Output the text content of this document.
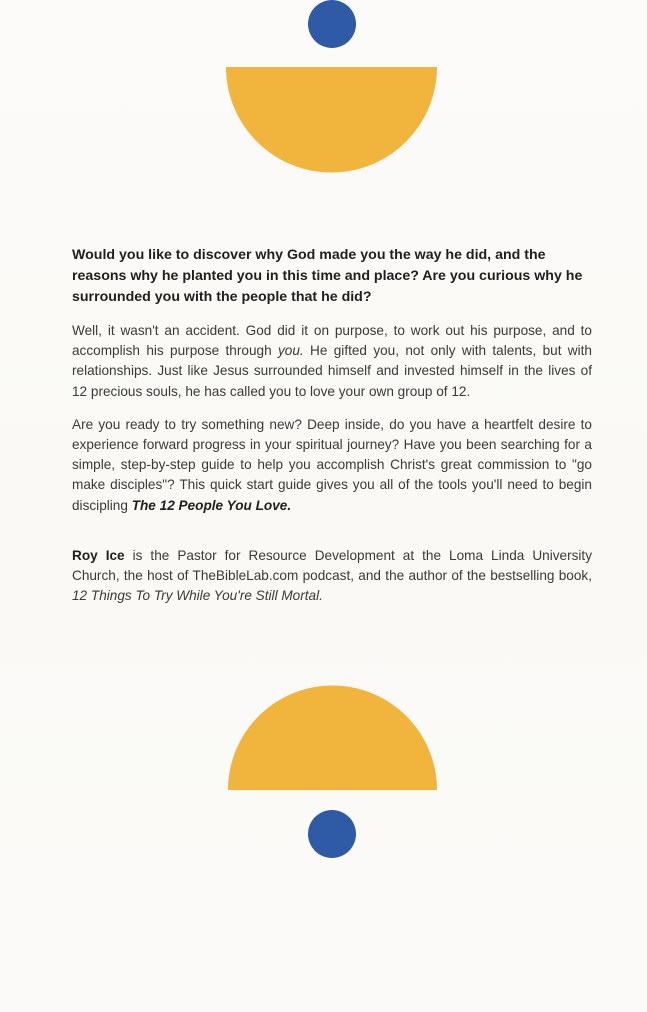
Would you like to discover why God made you the way he did, and the reasons why he planted you in this time and place? Are you curious why he surrounded you with the people that he did?

Well, it wasn't an accident. God did it on purpose, to work out his purpose, and to accomplish his purpose through you. He gifted you, not only with talents, but with relationships. Just like Jesus surrounded himself and invested himself in the lives of 12 precious souls, he has called you to love your own group of 12.

Are you ready to try something new? Deep inside, do you have a heartfelt desire to experience forward progress in your spiritual journey? Have you been searching for a simple, step-by-step guide to help you accomplish Christ's great commission to "go make disciples"? This quick start guide gives you all of the tools you'll need to begin discipling The 12 People You Love.

Roy Ice is the Pastor for Resource Development at the Loma Linda University Church, the host of TheBibleLab.com podcast, and the author of the bestselling book, 12 Things To Try While You're Still Mortal.
